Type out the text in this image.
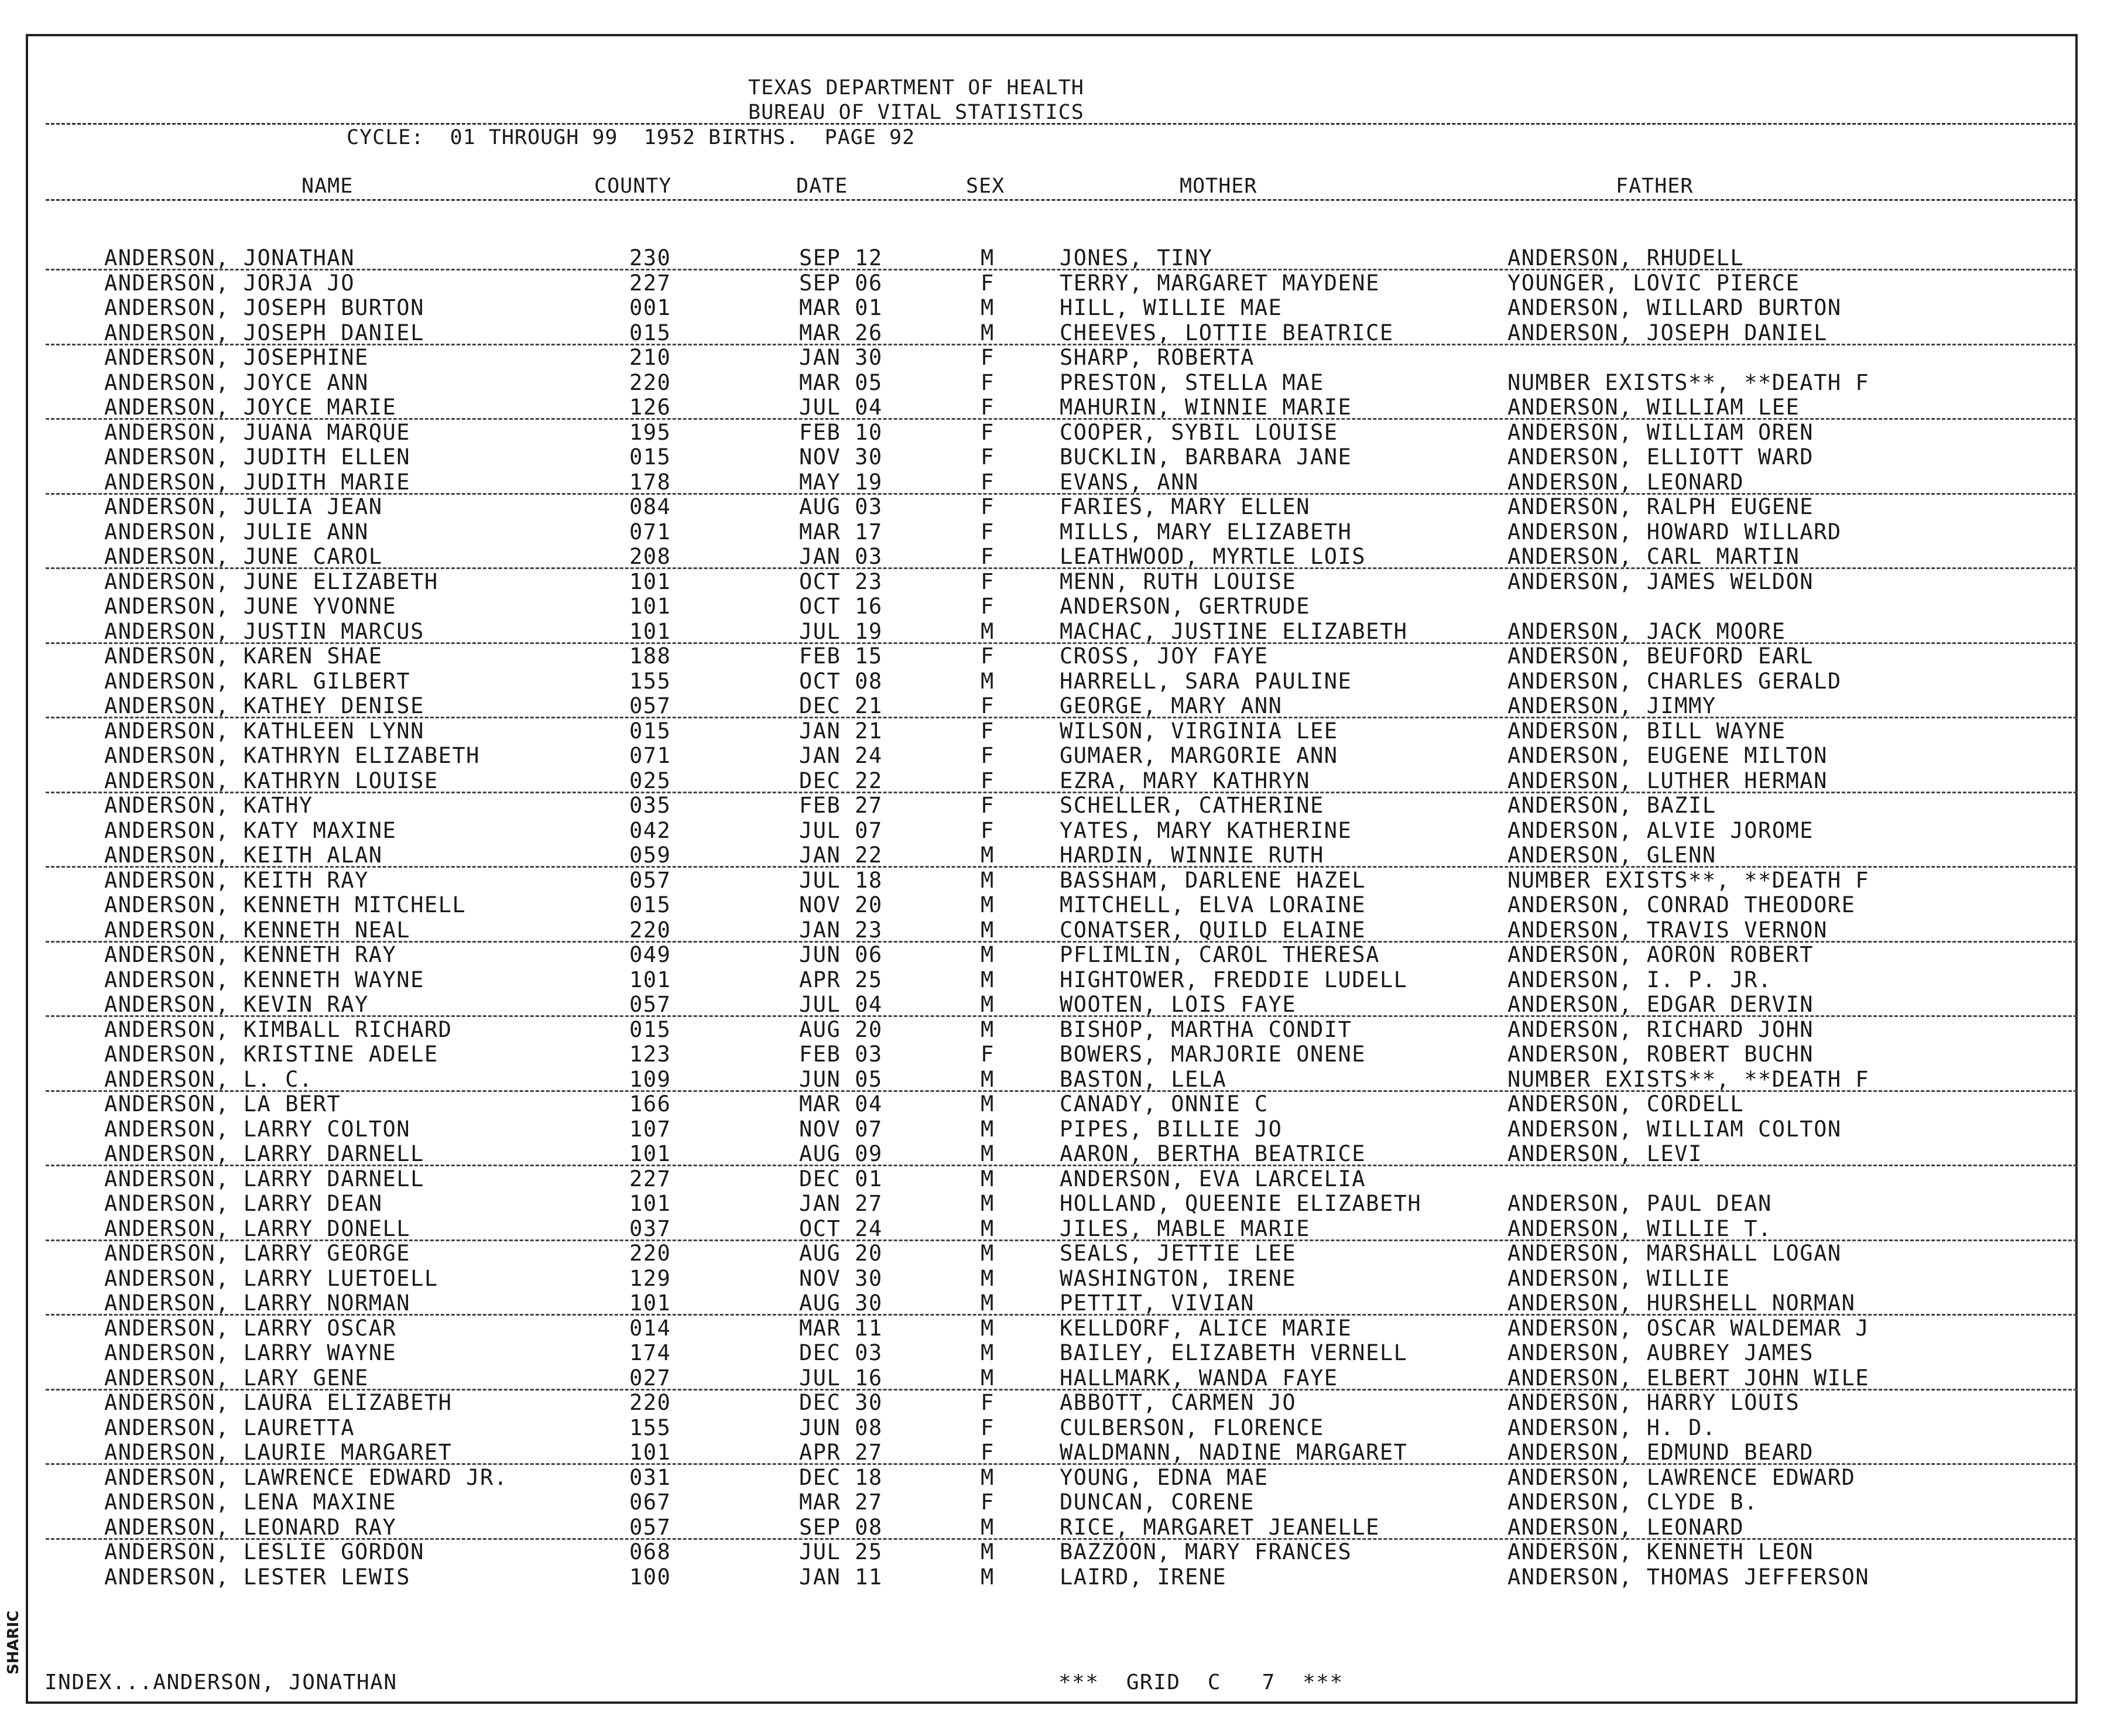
TEXAS DEPARTMENT OF HEALTH
BUREAU OF VITAL STATISTICS
CYCLE:  01 THROUGH 99  1952 BIRTHS.  PAGE 92
NAME	COUNTY	DATE	SEX	MOTHER	FATHER
ANDERSON, JONATHAN	230	SEP 12	M	JONES, TINY	ANDERSON, RHUDELL
ANDERSON, JORJA JO	227	SEP 06	F	TERRY, MARGARET MAYDENE	YOUNGER, LOVIC PIERCE
ANDERSON, JOSEPH BURTON	001	MAR 01	M	HILL, WILLIE MAE	ANDERSON, WILLARD BURTON
ANDERSON, JOSEPH DANIEL	015	MAR 26	M	CHEEVES, LOTTIE BEATRICE	ANDERSON, JOSEPH DANIEL
ANDERSON, JOSEPHINE	210	JAN 30	F	SHARP, ROBERTA
ANDERSON, JOYCE ANN	220	MAR 05	F	PRESTON, STELLA MAE	NUMBER EXISTS**, **DEATH F
ANDERSON, JOYCE MARIE	126	JUL 04	F	MAHURIN, WINNIE MARIE	ANDERSON, WILLIAM LEE
ANDERSON, JUANA MARQUE	195	FEB 10	F	COOPER, SYBIL LOUISE	ANDERSON, WILLIAM OREN
ANDERSON, JUDITH ELLEN	015	NOV 30	F	BUCKLIN, BARBARA JANE	ANDERSON, ELLIOTT WARD
ANDERSON, JUDITH MARIE	178	MAY 19	F	EVANS, ANN	ANDERSON, LEONARD
ANDERSON, JULIA JEAN	084	AUG 03	F	FARIES, MARY ELLEN	ANDERSON, RALPH EUGENE
ANDERSON, JULIE ANN	071	MAR 17	F	MILLS, MARY ELIZABETH	ANDERSON, HOWARD WILLARD
ANDERSON, JUNE CAROL	208	JAN 03	F	LEATHWOOD, MYRTLE LOIS	ANDERSON, CARL MARTIN
ANDERSON, JUNE ELIZABETH	101	OCT 23	F	MENN, RUTH LOUISE	ANDERSON, JAMES WELDON
ANDERSON, JUNE YVONNE	101	OCT 16	F	ANDERSON, GERTRUDE
ANDERSON, JUSTIN MARCUS	101	JUL 19	M	MACHAC, JUSTINE ELIZABETH	ANDERSON, JACK MOORE
ANDERSON, KAREN SHAE	188	FEB 15	F	CROSS, JOY FAYE	ANDERSON, BEUFORD EARL
ANDERSON, KARL GILBERT	155	OCT 08	M	HARRELL, SARA PAULINE	ANDERSON, CHARLES GERALD
ANDERSON, KATHEY DENISE	057	DEC 21	F	GEORGE, MARY ANN	ANDERSON, JIMMY
ANDERSON, KATHLEEN LYNN	015	JAN 21	F	WILSON, VIRGINIA LEE	ANDERSON, BILL WAYNE
ANDERSON, KATHRYN ELIZABETH	071	JAN 24	F	GUMAER, MARGORIE ANN	ANDERSON, EUGENE MILTON
ANDERSON, KATHRYN LOUISE	025	DEC 22	F	EZRA, MARY KATHRYN	ANDERSON, LUTHER HERMAN
ANDERSON, KATHY	035	FEB 27	F	SCHELLER, CATHERINE	ANDERSON, BAZIL
ANDERSON, KATY MAXINE	042	JUL 07	F	YATES, MARY KATHERINE	ANDERSON, ALVIE JOROME
ANDERSON, KEITH ALAN	059	JAN 22	M	HARDIN, WINNIE RUTH	ANDERSON, GLENN
ANDERSON, KEITH RAY	057	JUL 18	M	BASSHAM, DARLENE HAZEL	NUMBER EXISTS**, **DEATH F
ANDERSON, KENNETH MITCHELL	015	NOV 20	M	MITCHELL, ELVA LORAINE	ANDERSON, CONRAD THEODORE
ANDERSON, KENNETH NEAL	220	JAN 23	M	CONATSER, QUILD ELAINE	ANDERSON, TRAVIS VERNON
ANDERSON, KENNETH RAY	049	JUN 06	M	PFLIMLIN, CAROL THERESA	ANDERSON, AORON ROBERT
ANDERSON, KENNETH WAYNE	101	APR 25	M	HIGHTOWER, FREDDIE LUDELL	ANDERSON, I. P. JR.
ANDERSON, KEVIN RAY	057	JUL 04	M	WOOTEN, LOIS FAYE	ANDERSON, EDGAR DERVIN
ANDERSON, KIMBALL RICHARD	015	AUG 20	M	BISHOP, MARTHA CONDIT	ANDERSON, RICHARD JOHN
ANDERSON, KRISTINE ADELE	123	FEB 03	F	BOWERS, MARJORIE ONENE	ANDERSON, ROBERT BUCHN
ANDERSON, L. C.	109	JUN 05	M	BASTON, LELA	NUMBER EXISTS**, **DEATH F
ANDERSON, LA BERT	166	MAR 04	M	CANADY, ONNIE C	ANDERSON, CORDELL
ANDERSON, LARRY COLTON	107	NOV 07	M	PIPES, BILLIE JO	ANDERSON, WILLIAM COLTON
ANDERSON, LARRY DARNELL	101	AUG 09	M	AARON, BERTHA BEATRICE	ANDERSON, LEVI
ANDERSON, LARRY DARNELL	227	DEC 01	M	ANDERSON, EVA LARCELIA
ANDERSON, LARRY DEAN	101	JAN 27	M	HOLLAND, QUEENIE ELIZABETH	ANDERSON, PAUL DEAN
ANDERSON, LARRY DONELL	037	OCT 24	M	JILES, MABLE MARIE	ANDERSON, WILLIE T.
ANDERSON, LARRY GEORGE	220	AUG 20	M	SEALS, JETTIE LEE	ANDERSON, MARSHALL LOGAN
ANDERSON, LARRY LUETOELL	129	NOV 30	M	WASHINGTON, IRENE	ANDERSON, WILLIE
ANDERSON, LARRY NORMAN	101	AUG 30	M	PETTIT, VIVIAN	ANDERSON, HURSHELL NORMAN
ANDERSON, LARRY OSCAR	014	MAR 11	M	KELLDORF, ALICE MARIE	ANDERSON, OSCAR WALDEMAR J
ANDERSON, LARRY WAYNE	174	DEC 03	M	BAILEY, ELIZABETH VERNELL	ANDERSON, AUBREY JAMES
ANDERSON, LARY GENE	027	JUL 16	M	HALLMARK, WANDA FAYE	ANDERSON, ELBERT JOHN WILE
ANDERSON, LAURA ELIZABETH	220	DEC 30	F	ABBOTT, CARMEN JO	ANDERSON, HARRY LOUIS
ANDERSON, LAURETTA	155	JUN 08	F	CULBERSON, FLORENCE	ANDERSON, H. D.
ANDERSON, LAURIE MARGARET	101	APR 27	F	WALDMANN, NADINE MARGARET	ANDERSON, EDMUND BEARD
ANDERSON, LAWRENCE EDWARD JR.	031	DEC 18	M	YOUNG, EDNA MAE	ANDERSON, LAWRENCE EDWARD
ANDERSON, LENA MAXINE	067	MAR 27	F	DUNCAN, CORENE	ANDERSON, CLYDE B.
ANDERSON, LEONARD RAY	057	SEP 08	M	RICE, MARGARET JEANELLE	ANDERSON, LEONARD
ANDERSON, LESLIE GORDON	068	JUL 25	M	BAZZOON, MARY FRANCES	ANDERSON, KENNETH LEON
ANDERSON, LESTER LEWIS	100	JAN 11	M	LAIRD, IRENE	ANDERSON, THOMAS JEFFERSON
INDEX...ANDERSON, JONATHAN	***  GRID  C   7  ***
SHARIC
